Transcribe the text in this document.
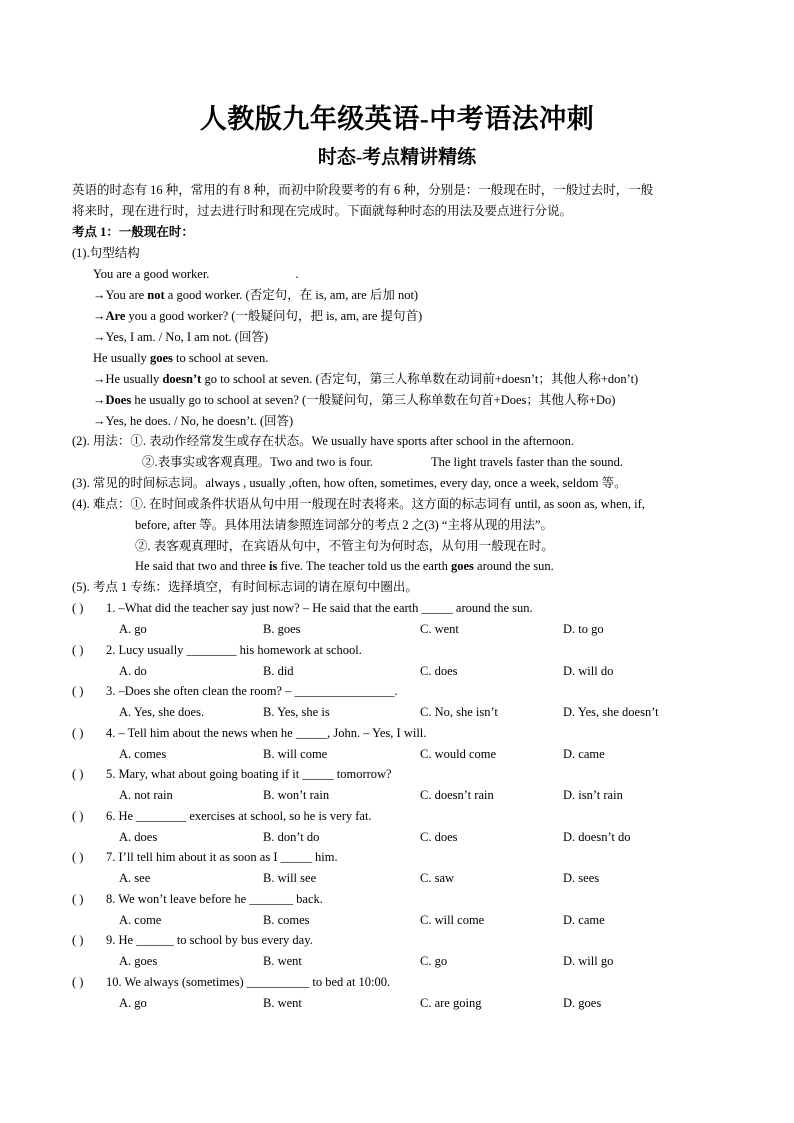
人教版九年级英语-中考语法冲刺
时态-考点精讲精练
英语的时态有 16 种，常用的有 8 种，而初中阶段要考的有 6 种，分别是：一般现在时，一般过去时，一般
将来时，现在进行时，过去进行时和现在完成时。下面就每种时态的用法及要点进行分说。
考点 1：一般现在时：
(1).句型结构
You are a good worker.	.
→You are not a good worker. (否定句，在 is, am, are 后加 not)
→Are you a good worker? (一般疑问句，把 is, am, are 提句首)
→Yes, I am. / No, I am not. (回答)
He usually goes to school at seven.
→He usually doesn’t go to school at seven. (否定句，第三人称单数在动词前+doesn’t；其他人称+don’t)
→Does he usually go to school at seven? (一般疑问句，第三人称单数在句首+Does；其他人称+Do)
→Yes, he does. / No, he doesn’t. (回答)
(2). 用法：①. 表动作经常发生或存在状态。We usually have sports after school in the afternoon.
②.表事实或客观真理。Two and two is four.	The light travels faster than the sound.
(3). 常见的时间标志词。always , usually ,often, how often, sometimes, every day, once a week, seldom 等。
(4). 难点：①. 在时间或条件状语从句中用一般现在时表将来。这方面的标志词有 until, as soon as, when, if,
before, after 等。具体用法请参照连词部分的考点 2 之(3) “主将从现的用法”。
②. 表客观真理时，在宾语从句中，不管主句为何时态，从句用一般现在时。
He said that two and three is five. The teacher told us the earth goes around the sun.
(5). 考点 1 专练：选择填空，有时间标志词的请在原句中圈出。
( ) 1. –What did the teacher say just now? – He said that the earth _____ around the sun.
A. go	B. goes	C. went	D. to go
( ) 2. Lucy usually ________ his homework at school.
A. do	B. did	C. does	D. will do
( ) 3. –Does she often clean the room? – ________________.
A. Yes, she does.	B. Yes, she is	C. No, she isn’t	D. Yes, she doesn’t
( ) 4. – Tell him about the news when he _____, John. – Yes, I will.
A. comes	B. will come	C. would come	D. came
( ) 5. Mary, what about going boating if it _____ tomorrow?
A. not rain	B. won’t rain	C. doesn’t rain	D. isn’t rain
( ) 6. He ________ exercises at school, so he is very fat.
A. does	B. don’t do	C. does	D. doesn’t do
( ) 7. I’ll tell him about it as soon as I _____ him.
A. see	B. will see	C. saw	D. sees
( ) 8. We won’t leave before he _______ back.
A. come	B. comes	C. will come	D. came
( ) 9. He ______ to school by bus every day.
A. goes	B. went	C. go	D. will go
( ) 10. We always (sometimes) __________ to bed at 10:00.
A. go	B. went	C. are going	D. goes
